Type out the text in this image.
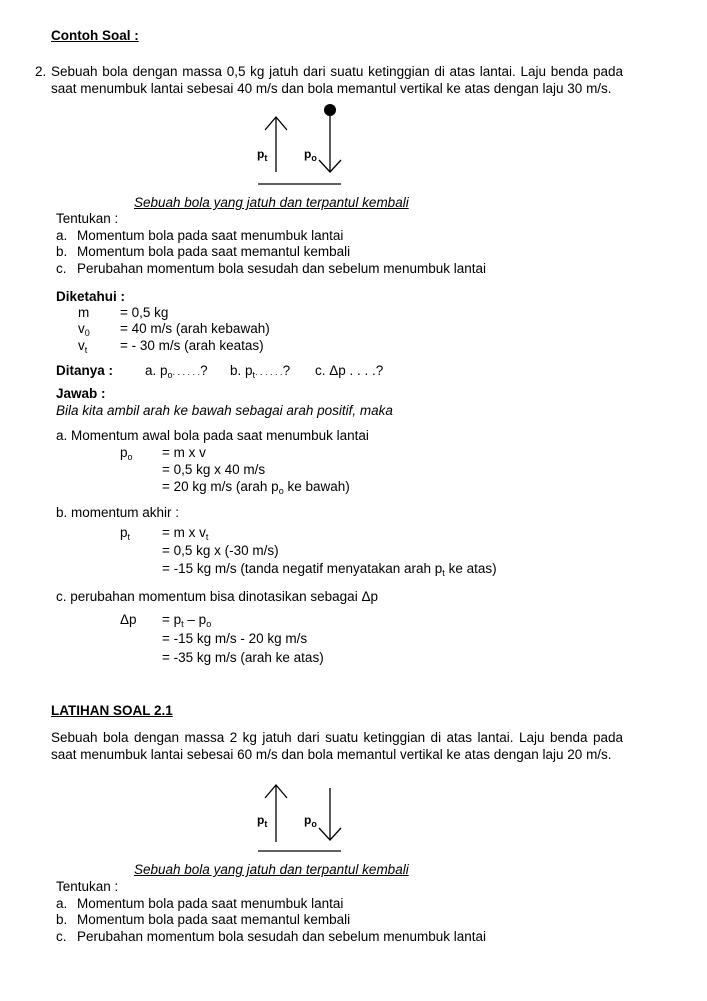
Contoh Soal :
2. Sebuah bola dengan massa 0,5 kg jatuh dari suatu ketinggian di atas lantai. Laju benda pada saat menumbuk lantai sebesai 40 m/s dan bola memantul vertikal ke atas dengan laju 30 m/s.
$p_t$	$p_o$
Sebuah bola yang jatuh dan terpantul kembali
Tentukan :
a. Momentum bola pada saat menumbuk lantai
b. Momentum bola pada saat memantul kembali
c. Perubahan momentum bola sesudah dan sebelum menumbuk lantai
Diketahui :
m = 0,5 kg
$v_0 = 40$ m/s (arah kebawah)
$v_t$ = - 30 m/s (arah keatas)
Ditanya : a. $p_o$. . . . . .? b. $p_t$. . . . . .? c. Δp . . . .?
Jawab :
Bila kita ambil arah ke bawah sebagai arah positif, maka
a. Momentum awal bola pada saat menumbuk lantai
$p_o = m$ x v
= 0,5 kg x 40 m/s
= 20 kg m/s (arah $p_o$ ke bawah)
b. momentum akhir :
$p_t = m$ x $v_t$
= 0,5 kg x (-30 m/s)
= -15 kg m/s (tanda negatif menyatakan arah $p_t$ ke atas)
c. perubahan momentum bisa dinotasikan sebagai Δp
$\Delta p = p_t - p_o$
= -15 kg m/s - 20 kg m/s
= -35 kg m/s (arah ke atas)
LATIHAN SOAL 2.1
Sebuah bola dengan massa 2 kg jatuh dari suatu ketinggian di atas lantai. Laju benda pada saat menumbuk lantai sebesai 60 m/s dan bola memantul vertikal ke atas dengan laju 20 m/s.
$p_t$	$p_o$
Sebuah bola yang jatuh dan terpantul kembali
Tentukan :
a. Momentum bola pada saat menumbuk lantai
b. Momentum bola pada saat memantul kembali
c. Perubahan momentum bola sesudah dan sebelum menumbuk lantai
